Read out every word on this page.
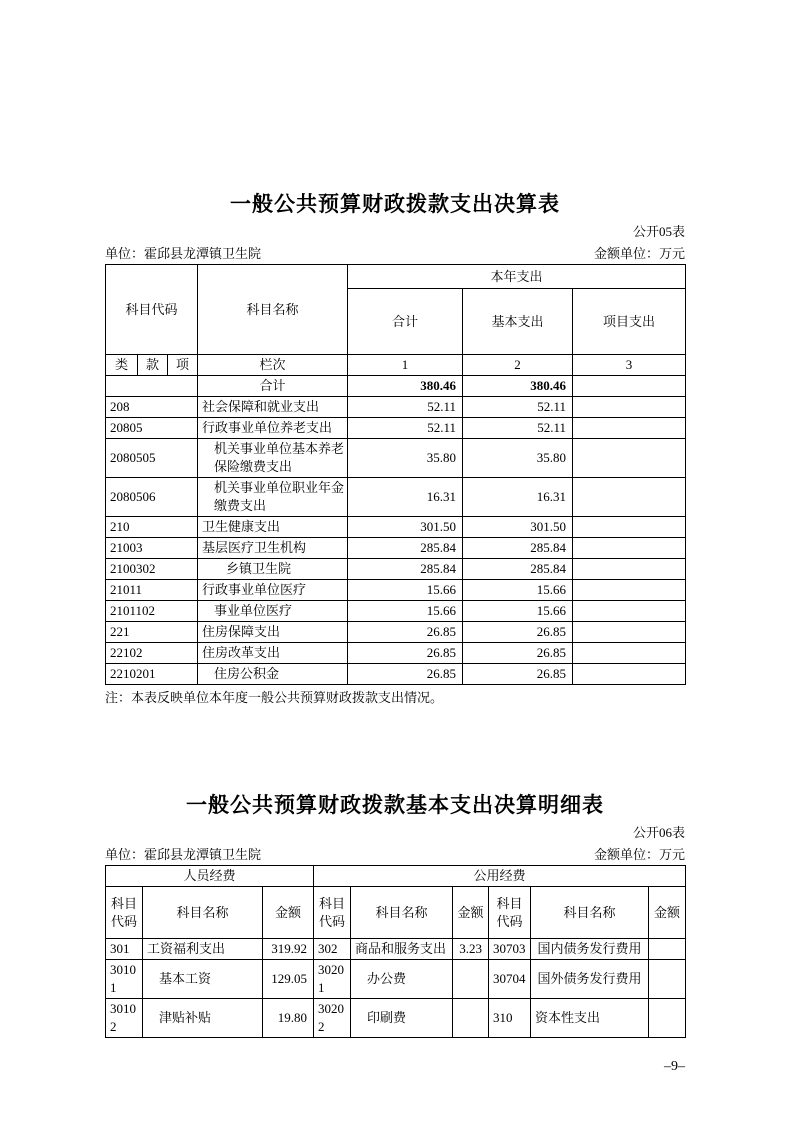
一般公共预算财政拨款支出决算表
公开05表
单位：霍邱县龙潭镇卫生院	金额单位：万元
科目代码			科目名称	本年支出		
				合计	基本支出	项目支出
类	款	项	栏次	1	2	3
			合计	380.46	380.46	
208			社会保障和就业支出	52.11	52.11	
20805			行政事业单位养老支出	52.11	52.11	
2080505			机关事业单位基本养老保险缴费支出	35.80	35.80	
2080506			机关事业单位职业年金缴费支出	16.31	16.31	
210			卫生健康支出	301.50	301.50	
21003			基层医疗卫生机构	285.84	285.84	
2100302			乡镇卫生院	285.84	285.84	
21011			行政事业单位医疗	15.66	15.66	
2101102			事业单位医疗	15.66	15.66	
221			住房保障支出	26.85	26.85	
22102			住房改革支出	26.85	26.85	
2210201			住房公积金	26.85	26.85	
注：本表反映单位本年度一般公共预算财政拨款支出情况。
一般公共预算财政拨款基本支出决算明细表
公开06表
单位：霍邱县龙潭镇卫生院	金额单位：万元
人员经费			公用经费					
科目代码	科目名称	金额	科目代码	科目名称	金额	科目代码	科目名称	金额
301	工资福利支出	319.92	302	商品和服务支出	3.23	30703	国内债务发行费用	
30101	基本工资	129.05	30201	办公费		30704	国外债务发行费用	
30102	津贴补贴	19.80	30202	印刷费		310	资本性支出	
–9–
